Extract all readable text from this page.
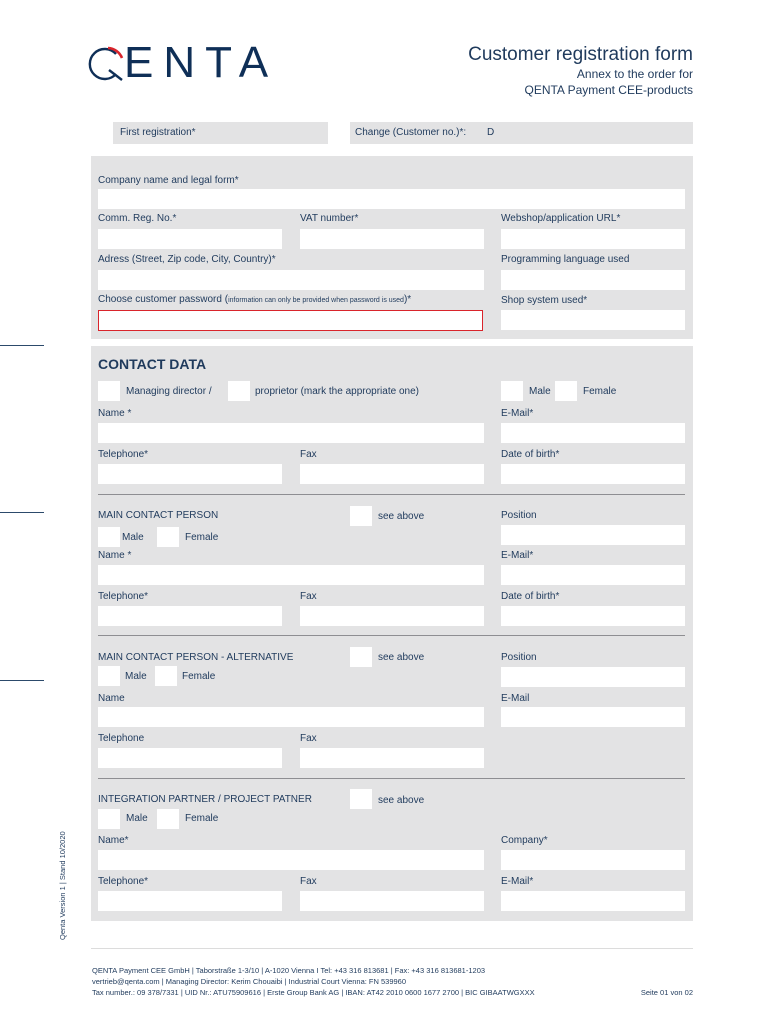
ENTA	Customer registration form
Annex to the order for
QENTA Payment CEE-products
First registration*	Change (Customer no.)*: D
Company name and legal form*
Comm. Reg. No.*	VAT number*	Webshop/application URL*
Adress (Street, Zip code, City, Country)*	Programming language used
Choose customer password (information can only be provided when password is used)*	Shop system used*
CONTACT DATA
Managing director /	proprietor (mark the appropriate one)	Male	Female
Name *	E-Mail*
Telephone*	Fax	Date of birth*
MAIN CONTACT PERSON	see above	Position
Male	Female
Name *	E-Mail*
Telephone*	Fax	Date of birth*
MAIN CONTACT PERSON - ALTERNATIVE	see above	Position
Male	Female
Name	E-Mail
Telephone	Fax
INTEGRATION PARTNER / PROJECT PATNER	see above
Male	Female
Name*	Company*
Telephone*	Fax	E-Mail*
Qenta Version 1 | Stand 10/2020
QENTA Payment CEE GmbH | Taborstraße 1-3/10 | A-1020 Vienna I Tel: +43 316 813681 | Fax: +43 316 813681-1203
vertrieb@qenta.com | Managing Director: Kerim Chouaibi | Industrial Court Vienna: FN 539960
Tax number.: 09 378/7331 | UID Nr.: ATU75909616 | Erste Group Bank AG | IBAN: AT42 2010 0600 1677 2700 | BIC GIBAATWGXXX	Seite 01 von 02
